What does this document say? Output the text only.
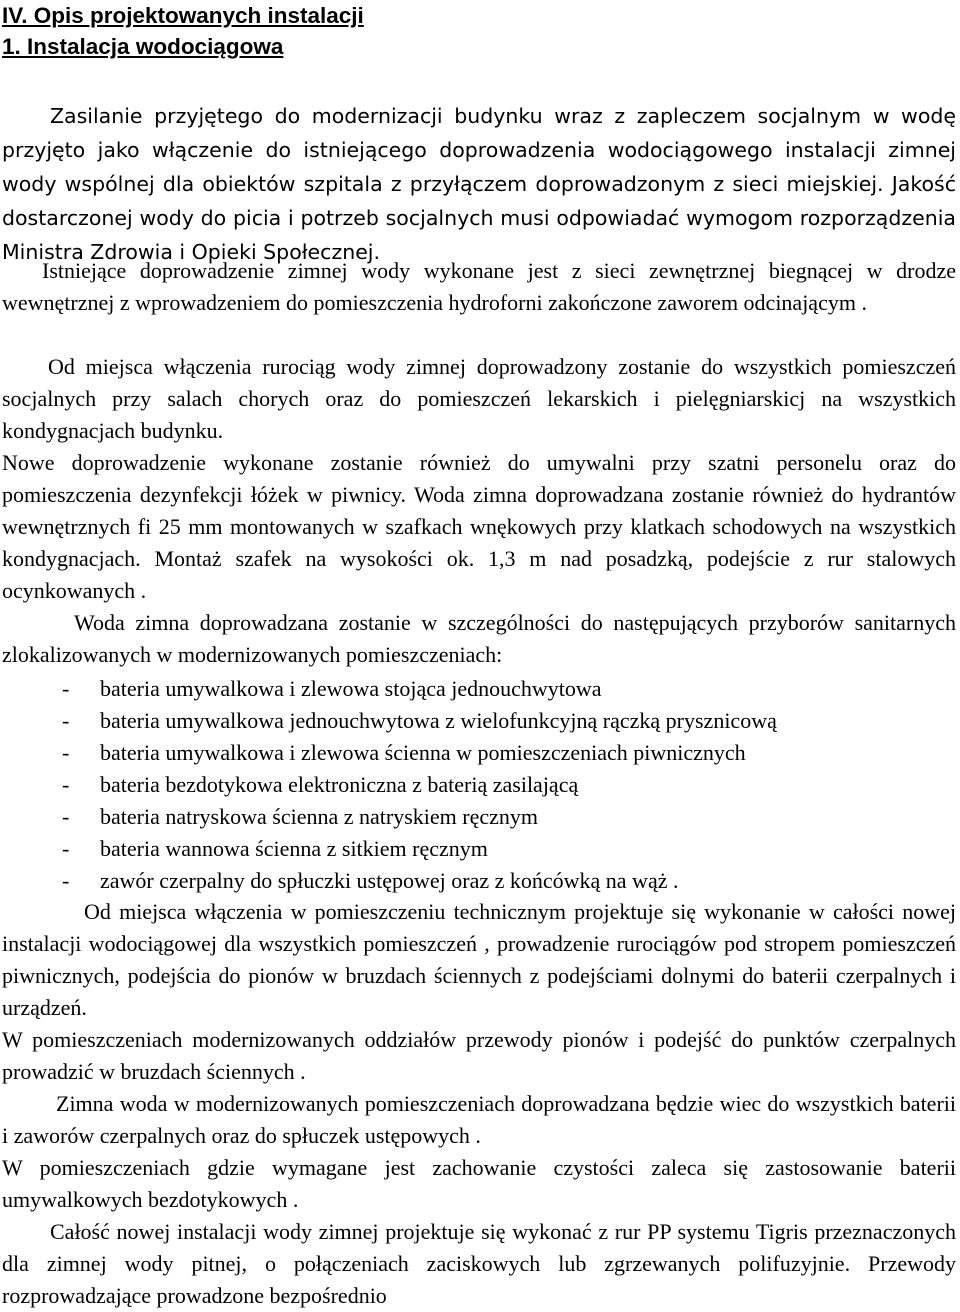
IV. Opis projektowanych instalacji
1. Instalacja wodociągowa

Zasilanie przyjętego do modernizacji budynku wraz z zapleczem socjalnym w wodę przyjęto jako włączenie do istniejącego doprowadzenia wodociągowego instalacji zimnej wody wspólnej dla obiektów szpitala z przyłączem doprowadzonym z sieci miejskiej. Jakość dostarczonej wody do picia i potrzeb socjalnych musi odpowiadać wymogom rozporządzenia Ministra Zdrowia i Opieki Społecznej.

Istniejące doprowadzenie zimnej wody wykonane jest z sieci zewnętrznej biegnącej w drodze wewnętrznej z wprowadzeniem do pomieszczenia hydroforni zakończone zaworem odcinającym .

Od miejsca włączenia rurociąg wody zimnej doprowadzony zostanie do wszystkich pomieszczeń socjalnych przy salach chorych oraz do pomieszczeń lekarskich i pielęgniarskicj na wszystkich kondygnacjach budynku.

Nowe doprowadzenie wykonane zostanie również do umywalni przy szatni personelu oraz do pomieszczenia dezynfekcji łóżek w piwnicy. Woda zimna doprowadzana zostanie również do hydrantów wewnętrznych fi 25 mm montowanych w szafkach wnękowych przy klatkach schodowych na wszystkich kondygnacjach. Montaż szafek na wysokości ok. 1,3 m nad posadzką, podejście z rur stalowych ocynkowanych .

Woda zimna doprowadzana zostanie w szczególności do następujących przyborów sanitarnych zlokalizowanych w modernizowanych pomieszczeniach:

- bateria umywalkowa i zlewowa stojąca jednouchwytowa
- bateria umywalkowa jednouchwytowa z wielofunkcyjną rączką prysznicową
- bateria umywalkowa i zlewowa ścienna w pomieszczeniach piwnicznych
- bateria bezdotykowa elektroniczna z baterią zasilającą
- bateria natryskowa ścienna z natryskiem ręcznym
- bateria wannowa ścienna z sitkiem ręcznym
- zawór czerpalny do spłuczki ustępowej oraz z końcówką na wąż .

Od miejsca włączenia w pomieszczeniu technicznym projektuje się wykonanie w całości nowej instalacji wodociągowej dla wszystkich pomieszczeń , prowadzenie rurociągów pod stropem pomieszczeń piwnicznych, podejścia do pionów w bruzdach ściennych z podejściami dolnymi do baterii czerpalnych i urządzeń.

W pomieszczeniach modernizowanych oddziałów przewody pionów i podejść do punktów czerpalnych prowadzić w bruzdach ściennych .

Zimna woda w modernizowanych pomieszczeniach doprowadzana będzie wiec do wszystkich baterii i zaworów czerpalnych oraz do spłuczek ustępowych .

W pomieszczeniach gdzie wymagane jest zachowanie czystości zaleca się zastosowanie baterii umywalkowych bezdotykowych .

Całość nowej instalacji wody zimnej projektuje się wykonać z rur PP systemu Tigris przeznaczonych dla zimnej wody pitnej, o połączeniach zaciskowych lub zgrzewanych polifuzyjnie. Przewody rozprowadzające prowadzone bezpośrednio
